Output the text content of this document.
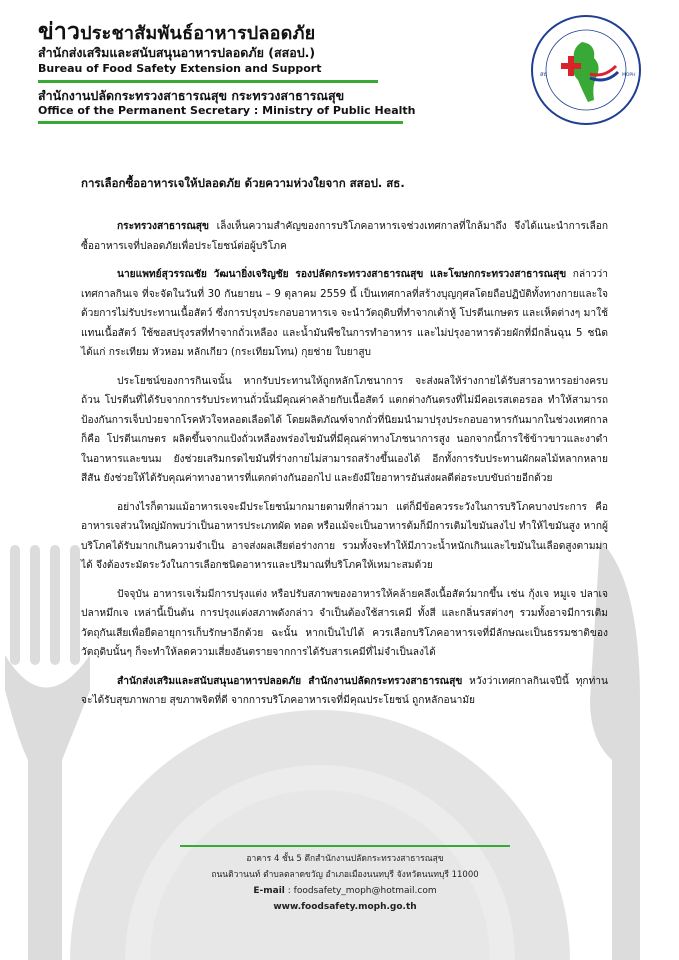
ข่าวประชาสัมพันธ์อาหารปลอดภัย
สำนักส่งเสริมและสนับสนุนอาหารปลอดภัย (สสอป.)
Bureau of Food Safety Extension and Support
สำนักงานปลัดกระทรวงสาธารณสุข กระทรวงสาธารณสุข
Office of the Permanent Secretary : Ministry of Public Health
สธ	MOPH
การเลือกซื้ออาหารเจให้ปลอดภัย ด้วยความห่วงใยจาก สสอป. สธ.

กระทรวงสาธารณสุข เล็งเห็นความสำคัญของการบริโภคอาหารเจช่วงเทศกาลที่ใกล้มาถึง จึงได้แนะนำการเลือกซื้ออาหารเจที่ปลอดภัยเพื่อประโยชน์ต่อผู้บริโภค

นายแพทย์สุวรรณชัย วัฒนายิ่งเจริญชัย รองปลัดกระทรวงสาธารณสุข และโฆษกกระทรวงสาธารณสุข กล่าวว่า เทศกาลกินเจ ที่จะจัดในวันที่ 30 กันยายน – 9 ตุลาคม 2559 นี้ เป็นเทศกาลที่สร้างบุญกุศลโดยถือปฏิบัติทั้งทางกายและใจด้วยการไม่รับประทานเนื้อสัตว์ ซึ่งการปรุงประกอบอาหารเจ จะนำวัตถุดิบที่ทำจากเต้าหู้ โปรตีนเกษตร และเห็ดต่างๆ มาใช้แทนเนื้อสัตว์ ใช้ซอสปรุงรสที่ทำจากถั่วเหลือง และน้ำมันพืชในการทำอาหาร และไม่ปรุงอาหารด้วยผักที่มีกลิ่นฉุน 5 ชนิด ได้แก่ กระเทียม หัวหอม หลักเกียว (กระเทียมโทน) กุยช่าย ใบยาสูบ

ประโยชน์ของการกินเจนั้น หากรับประทานให้ถูกหลักโภชนาการ จะส่งผลให้ร่างกายได้รับสารอาหารอย่างครบถ้วน โปรตีนที่ได้รับจากการรับประทานถั่วนั้นมีคุณค่าคล้ายกับเนื้อสัตว์ แตกต่างกันตรงที่ไม่มีคอเรสเตอรอล ทำให้สามารถป้องกันการเจ็บป่วยจากโรคหัวใจหลอดเลือดได้ โดยผลิตภัณฑ์จากถั่วที่นิยมนำมาปรุงประกอบอาหารกันมากในช่วงเทศกาลก็คือ โปรตีนเกษตร ผลิตขึ้นจากแป้งถั่วเหลืองพร่องไขมันที่มีคุณค่าทางโภชนาการสูง นอกจากนี้การใช้ข้าวขาวและงาดำในอาหารและขนม ยังช่วยเสริมกรดไขมันที่ร่างกายไม่สามารถสร้างขึ้นเองได้ อีกทั้งการรับประทานผักผลไม้หลากหลายสีสัน ยังช่วยให้ได้รับคุณค่าทางอาหารที่แตกต่างกันออกไป และยังมีใยอาหารอันส่งผลดีต่อระบบขับถ่ายอีกด้วย

อย่างไรก็ตามแม้อาหารเจจะมีประโยชน์มากมายตามที่กล่าวมา แต่ก็มีข้อควรระวังในการบริโภคบางประการ คือ อาหารเจส่วนใหญ่มักพบว่าเป็นอาหารประเภทผัด ทอด หรือแม้จะเป็นอาหารต้มก็มีการเติมไขมันลงไป ทำให้ไขมันสูง หากผู้บริโภคได้รับมากเกินความจำเป็น อาจส่งผลเสียต่อร่างกาย รวมทั้งจะทำให้มีภาวะน้ำหนักเกินและไขมันในเลือดสูงตามมาได้ จึงต้องระมัดระวังในการเลือกชนิดอาหารและปริมาณที่บริโภคให้เหมาะสมด้วย

ปัจจุบัน อาหารเจเริ่มมีการปรุงแต่ง หรือปรับสภาพของอาหารให้คล้ายคลึงเนื้อสัตว์มากขึ้น เช่น กุ้งเจ หมูเจ ปลาเจ ปลาหมึกเจ เหล่านี้เป็นต้น การปรุงแต่งสภาพดังกล่าว จำเป็นต้องใช้สารเคมี ทั้งสี และกลิ่นรสต่างๆ รวมทั้งอาจมีการเติมวัตถุกันเสียเพื่อยืดอายุการเก็บรักษาอีกด้วย ฉะนั้น หากเป็นไปได้ ควรเลือกบริโภคอาหารเจที่มีลักษณะเป็นธรรมชาติของวัตถุดิบนั้นๆ ก็จะทำให้ลดความเสี่ยงอันตรายจากการได้รับสารเคมีที่ไม่จำเป็นลงได้

สำนักส่งเสริมและสนับสนุนอาหารปลอดภัย สำนักงานปลัดกระทรวงสาธารณสุข หวังว่าเทศกาลกินเจปีนี้ ทุกท่านจะได้รับสุขภาพกาย สุขภาพจิตที่ดี จากการบริโภคอาหารเจที่มีคุณประโยชน์ ถูกหลักอนามัย

อาคาร 4 ชั้น 5 ตึกสำนักงานปลัดกระทรวงสาธารณสุข
ถนนติวานนท์ ตำบลตลาดขวัญ อำเภอเมืองนนทบุรี จังหวัดนนทบุรี 11000
E-mail : foodsafety_moph@hotmail.com
www.foodsafety.moph.go.th
